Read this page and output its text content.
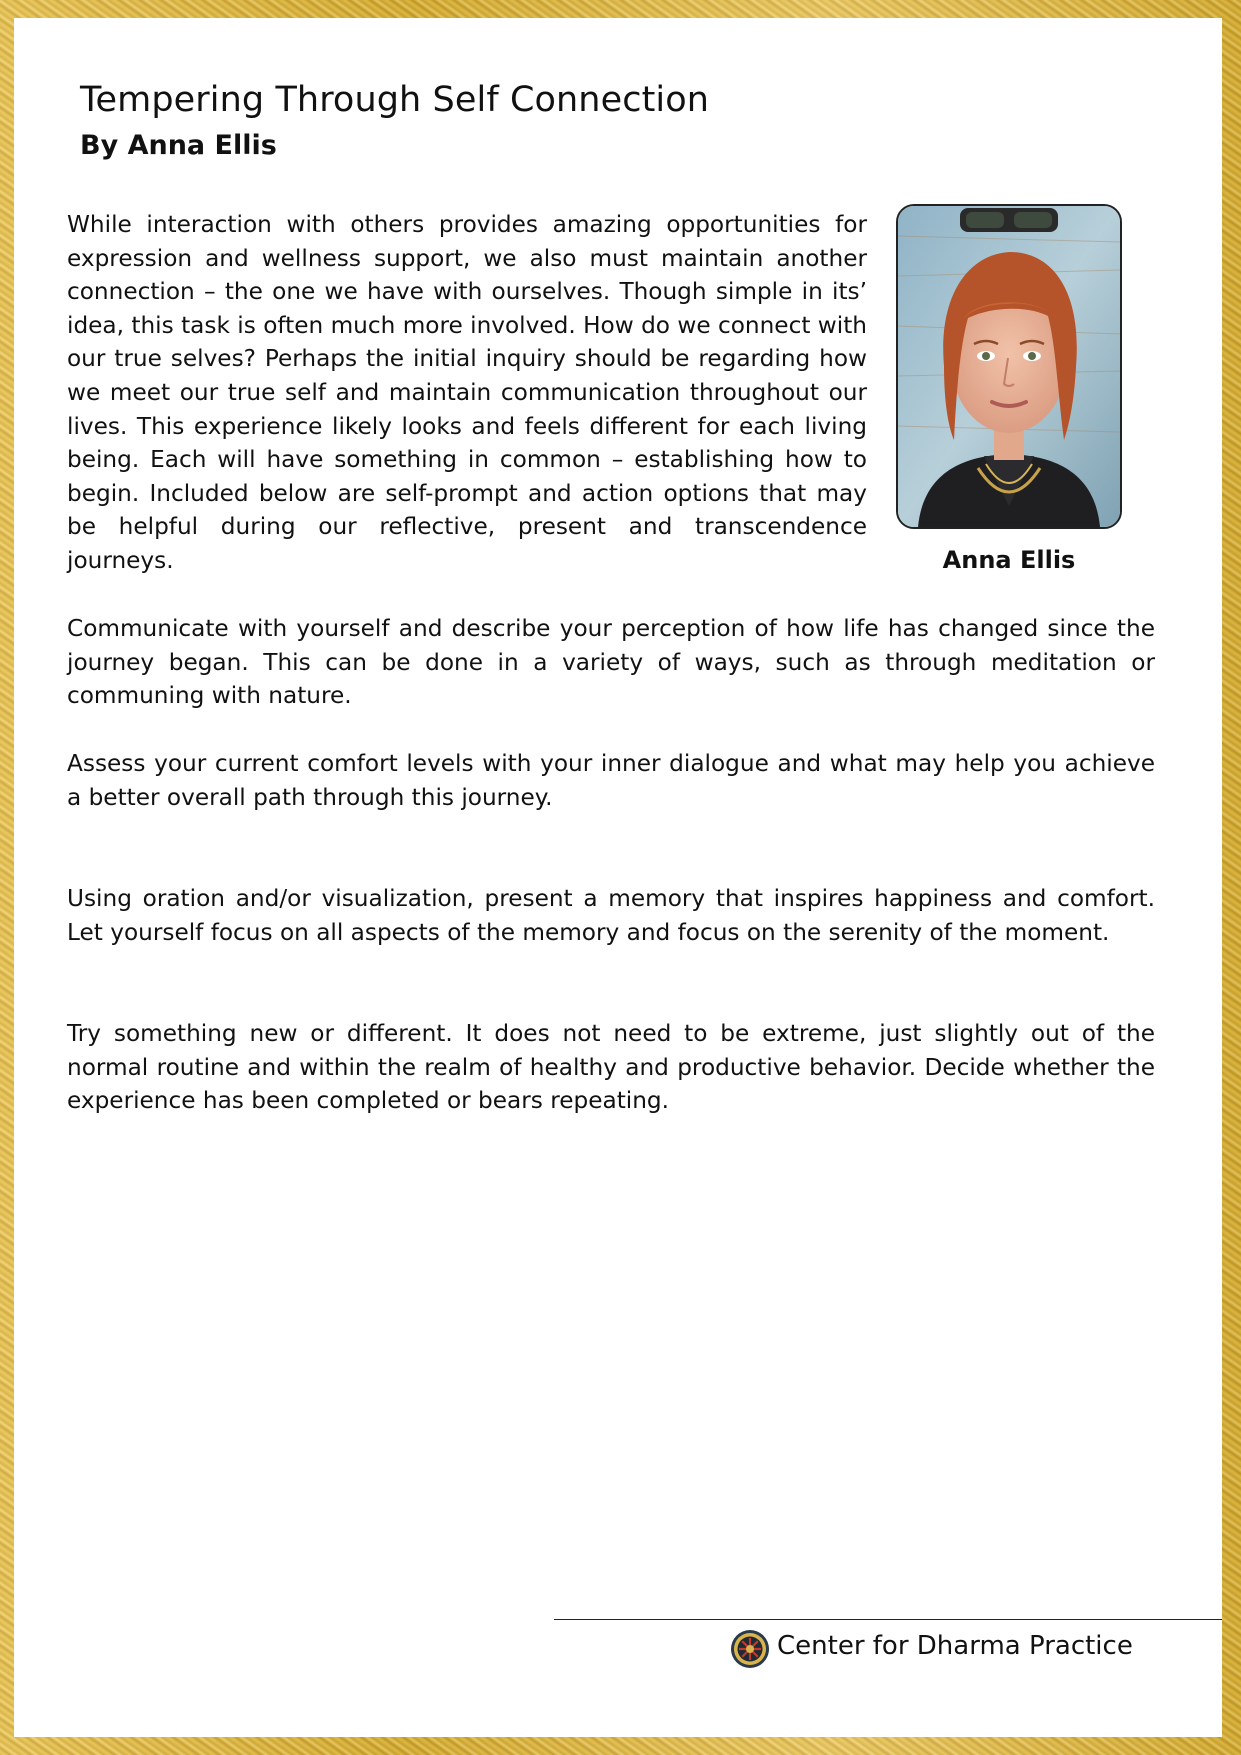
Tempering Through Self Connection
By Anna Ellis

While interaction with others provides amazing opportunities for expression and wellness support, we also must maintain another connection – the one we have with ourselves. Though simple in its’ idea, this task is often much more involved. How do we connect with our true selves? Perhaps the initial inquiry should be regarding how we meet our true self and maintain communication throughout our lives. This experience likely looks and feels different for each living being. Each will have something in common – establishing how to begin. Included below are self-prompt and action options that may be helpful during our reflective, present and transcendence journeys.	Anna Ellis

Communicate with yourself and describe your perception of how life has changed since the journey began. This can be done in a variety of ways, such as through meditation or communing with nature.

Assess your current comfort levels with your inner dialogue and what may help you achieve a better overall path through this journey.

Using oration and/or visualization, present a memory that inspires happiness and comfort. Let yourself focus on all aspects of the memory and focus on the serenity of the moment.

Try something new or different. It does not need to be extreme, just slightly out of the normal routine and within the realm of healthy and productive behavior. Decide whether the experience has been completed or bears repeating.

Center for Dharma Practice
